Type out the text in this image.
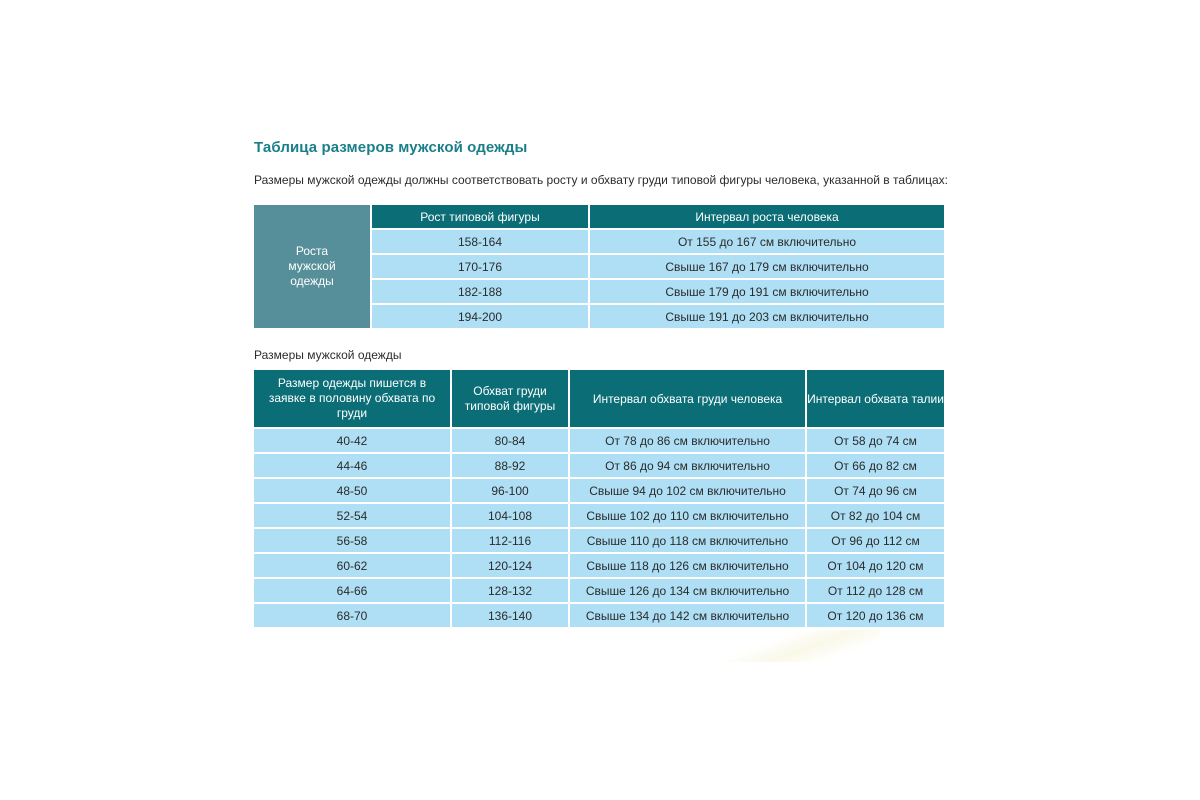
Таблица размеров мужской одежды
Размеры мужской одежды должны соответствовать росту и обхвату груди типовой фигуры человека, указанной в таблицах:
Роста мужской одежды	Рост типовой фигуры	Интервал роста человека
	158-164	От 155 до 167 см включительно
	170-176	Свыше 167 до 179 см включительно
	182-188	Свыше 179 до 191 см включительно
	194-200	Свыше 191 до 203 см включительно
Размеры мужской одежды
Размер одежды пишется в заявке в половину обхвата по груди	Обхват груди типовой фигуры	Интервал обхвата груди человека	Интервал обхвата талии
40-42	80-84	От 78 до 86 см включительно	От 58 до 74 см
44-46	88-92	От 86 до 94 см включительно	От 66 до 82 см
48-50	96-100	Свыше 94 до 102 см включительно	От 74 до 96 см
52-54	104-108	Свыше 102 до 110 см включительно	От 82 до 104 см
56-58	112-116	Свыше 110 до 118 см включительно	От 96 до 112 см
60-62	120-124	Свыше 118 до 126 см включительно	От 104 до 120 см
64-66	128-132	Свыше 126 до 134 см включительно	От 112 до 128 см
68-70	136-140	Свыше 134 до 142 см включительно	От 120 до 136 см
